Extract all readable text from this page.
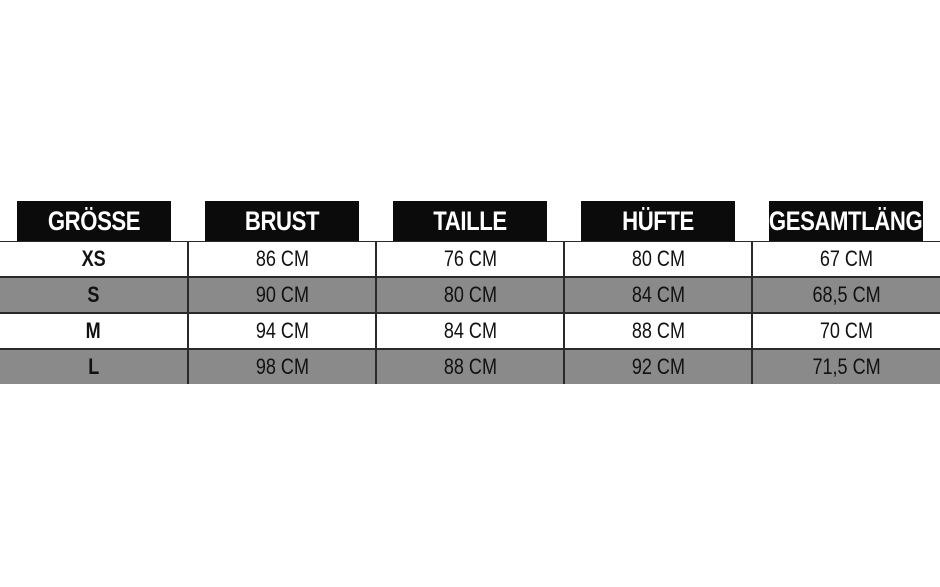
GRÖSSE	BRUST	TAILLE	HÜFTE	GESAMTLÄNGE
XS	86 CM	76 CM	80 CM	67 CM
S	90 CM	80 CM	84 CM	68,5 CM
M	94 CM	84 CM	88 CM	70 CM
L	98 CM	88 CM	92 CM	71,5 CM
